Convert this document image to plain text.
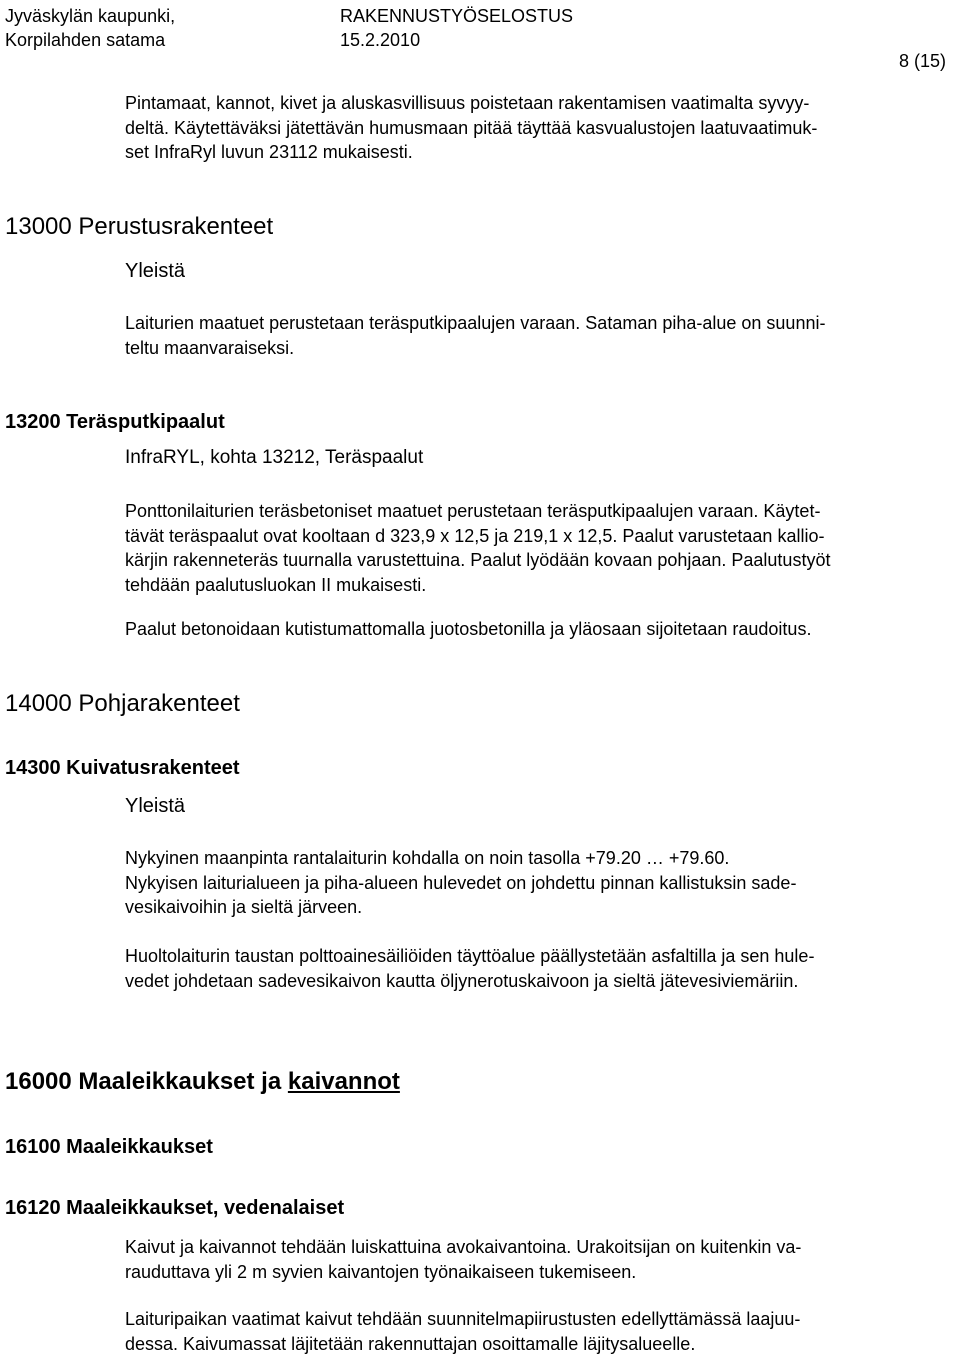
Jyväskylän kaupunki,
Korpilahden satama
RAKENNUSTYÖSELOSTUS
15.2.2010
8 (15)
Pintamaat, kannot, kivet ja aluskasvillisuus poistetaan rakentamisen vaatimalta syvyy-
deltä. Käytettäväksi jätettävän humusmaan pitää täyttää kasvualustojen laatuvaatimuk-
set InfraRyl luvun 23112 mukaisesti.
13000 Perustusrakenteet
Yleistä
Laiturien maatuet perustetaan teräsputkipaalujen varaan. Sataman piha-alue on suunni-
teltu maanvaraiseksi.
13200 Teräsputkipaalut
InfraRYL, kohta 13212, Teräspaalut
Ponttonilaiturien teräsbetoniset maatuet perustetaan teräsputkipaalujen varaan. Käytet-
tävät teräspaalut ovat kooltaan d 323,9 x 12,5 ja 219,1 x 12,5. Paalut varustetaan kallio-
kärjin rakenneteräs tuurnalla varustettuina. Paalut lyödään kovaan pohjaan. Paalutustyöt
tehdään paalutusluokan II mukaisesti.
Paalut betonoidaan kutistumattomalla juotosbetonilla ja yläosaan sijoitetaan raudoitus.
14000 Pohjarakenteet
14300 Kuivatusrakenteet
Yleistä
Nykyinen maanpinta rantalaiturin kohdalla on noin tasolla +79.20 … +79.60.
Nykyisen laiturialueen ja piha-alueen hulevedet on johdettu pinnan kallistuksin sade-
vesikaivoihin ja sieltä järveen.
Huoltolaiturin taustan polttoainesäiliöiden täyttöalue päällystetään asfaltilla ja sen hule-
vedet johdetaan sadevesikaivon kautta öljynerotuskaivoon ja sieltä jätevesiviemäriin.
16000 Maaleikkaukset ja kaivannot
16100 Maaleikkaukset
16120 Maaleikkaukset, vedenalaiset
Kaivut ja kaivannot tehdään luiskattuina avokaivantoina. Urakoitsijan on kuitenkin va-
rauduttava yli 2 m syvien kaivantojen työnaikaiseen tukemiseen.
Laituripaikan vaatimat kaivut tehdään suunnitelmapiirustusten edellyttämässä laajuu-
dessa. Kaivumassat läjitetään rakennuttajan osoittamalle läjitysalueelle.
